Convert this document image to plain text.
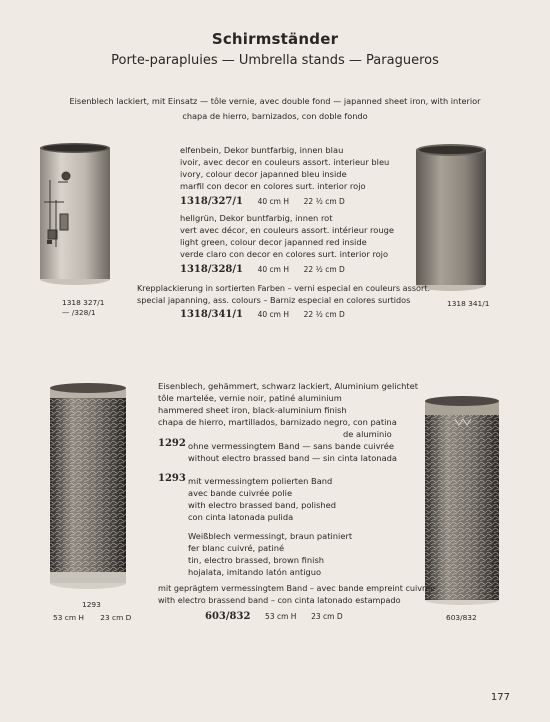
Schirmständer
Porte-parapluies — Umbrella stands — Paragueros
Eisenblech lackiert, mit Einsatz — tôle vernie, avec double fond — japanned sheet iron, with interior
chapa de hierro, barnizados, con doble fondo
1318 327/1
— /328/1
1318 341/1
elfenbein, Dekor buntfarbig, innen blau
ivoir, avec decor en couleurs assort. interieur bleu
ivory, colour decor japanned bleu inside
marfil con decor en colores surt. interior rojo
1318/327/1 40 cm H 22 ½ cm D
hellgrün, Dekor buntfarbig, innen rot
vert avec décor, en couleurs assort. intérieur rouge
light green, colour decor japanned red inside
verde claro con decor en colores surt. interior rojo
1318/328/1 40 cm H 22 ½ cm D
Krepplackierung in sortierten Farben – verni especial en couleurs assort.
special japanning, ass. colours – Barniz especial en colores surtidos
1318/341/1 40 cm H 22 ½ cm D
1293
53 cm H 23 cm D	603/832
Eisenblech, gehämmert, schwarz lackiert, Aluminium gelichtet
tôle martelée, vernie noir, patiné aluminium
hammered sheet iron, black-aluminium finish
chapa de hierro, martillados, barnizado negro, con patina
de aluminio
1292 ohne vermessingtem Band — sans bande cuivrée
without electro brassed band — sin cinta latonada
1293 mit vermessingtem polierten Band
avec bande cuivrée polie
with electro brassed band, polished
con cinta latonada pulida
Weißblech vermessingt, braun patiniert
fer blanc cuivré, patiné
tin, electro brassed, brown finish
hojalata, imitando latón antiguo
mit geprägtem vermessingtem Band – avec bande empreint cuivrée
with electro brassend band – con cinta latonado estampado
603/832 53 cm H 23 cm D
177
